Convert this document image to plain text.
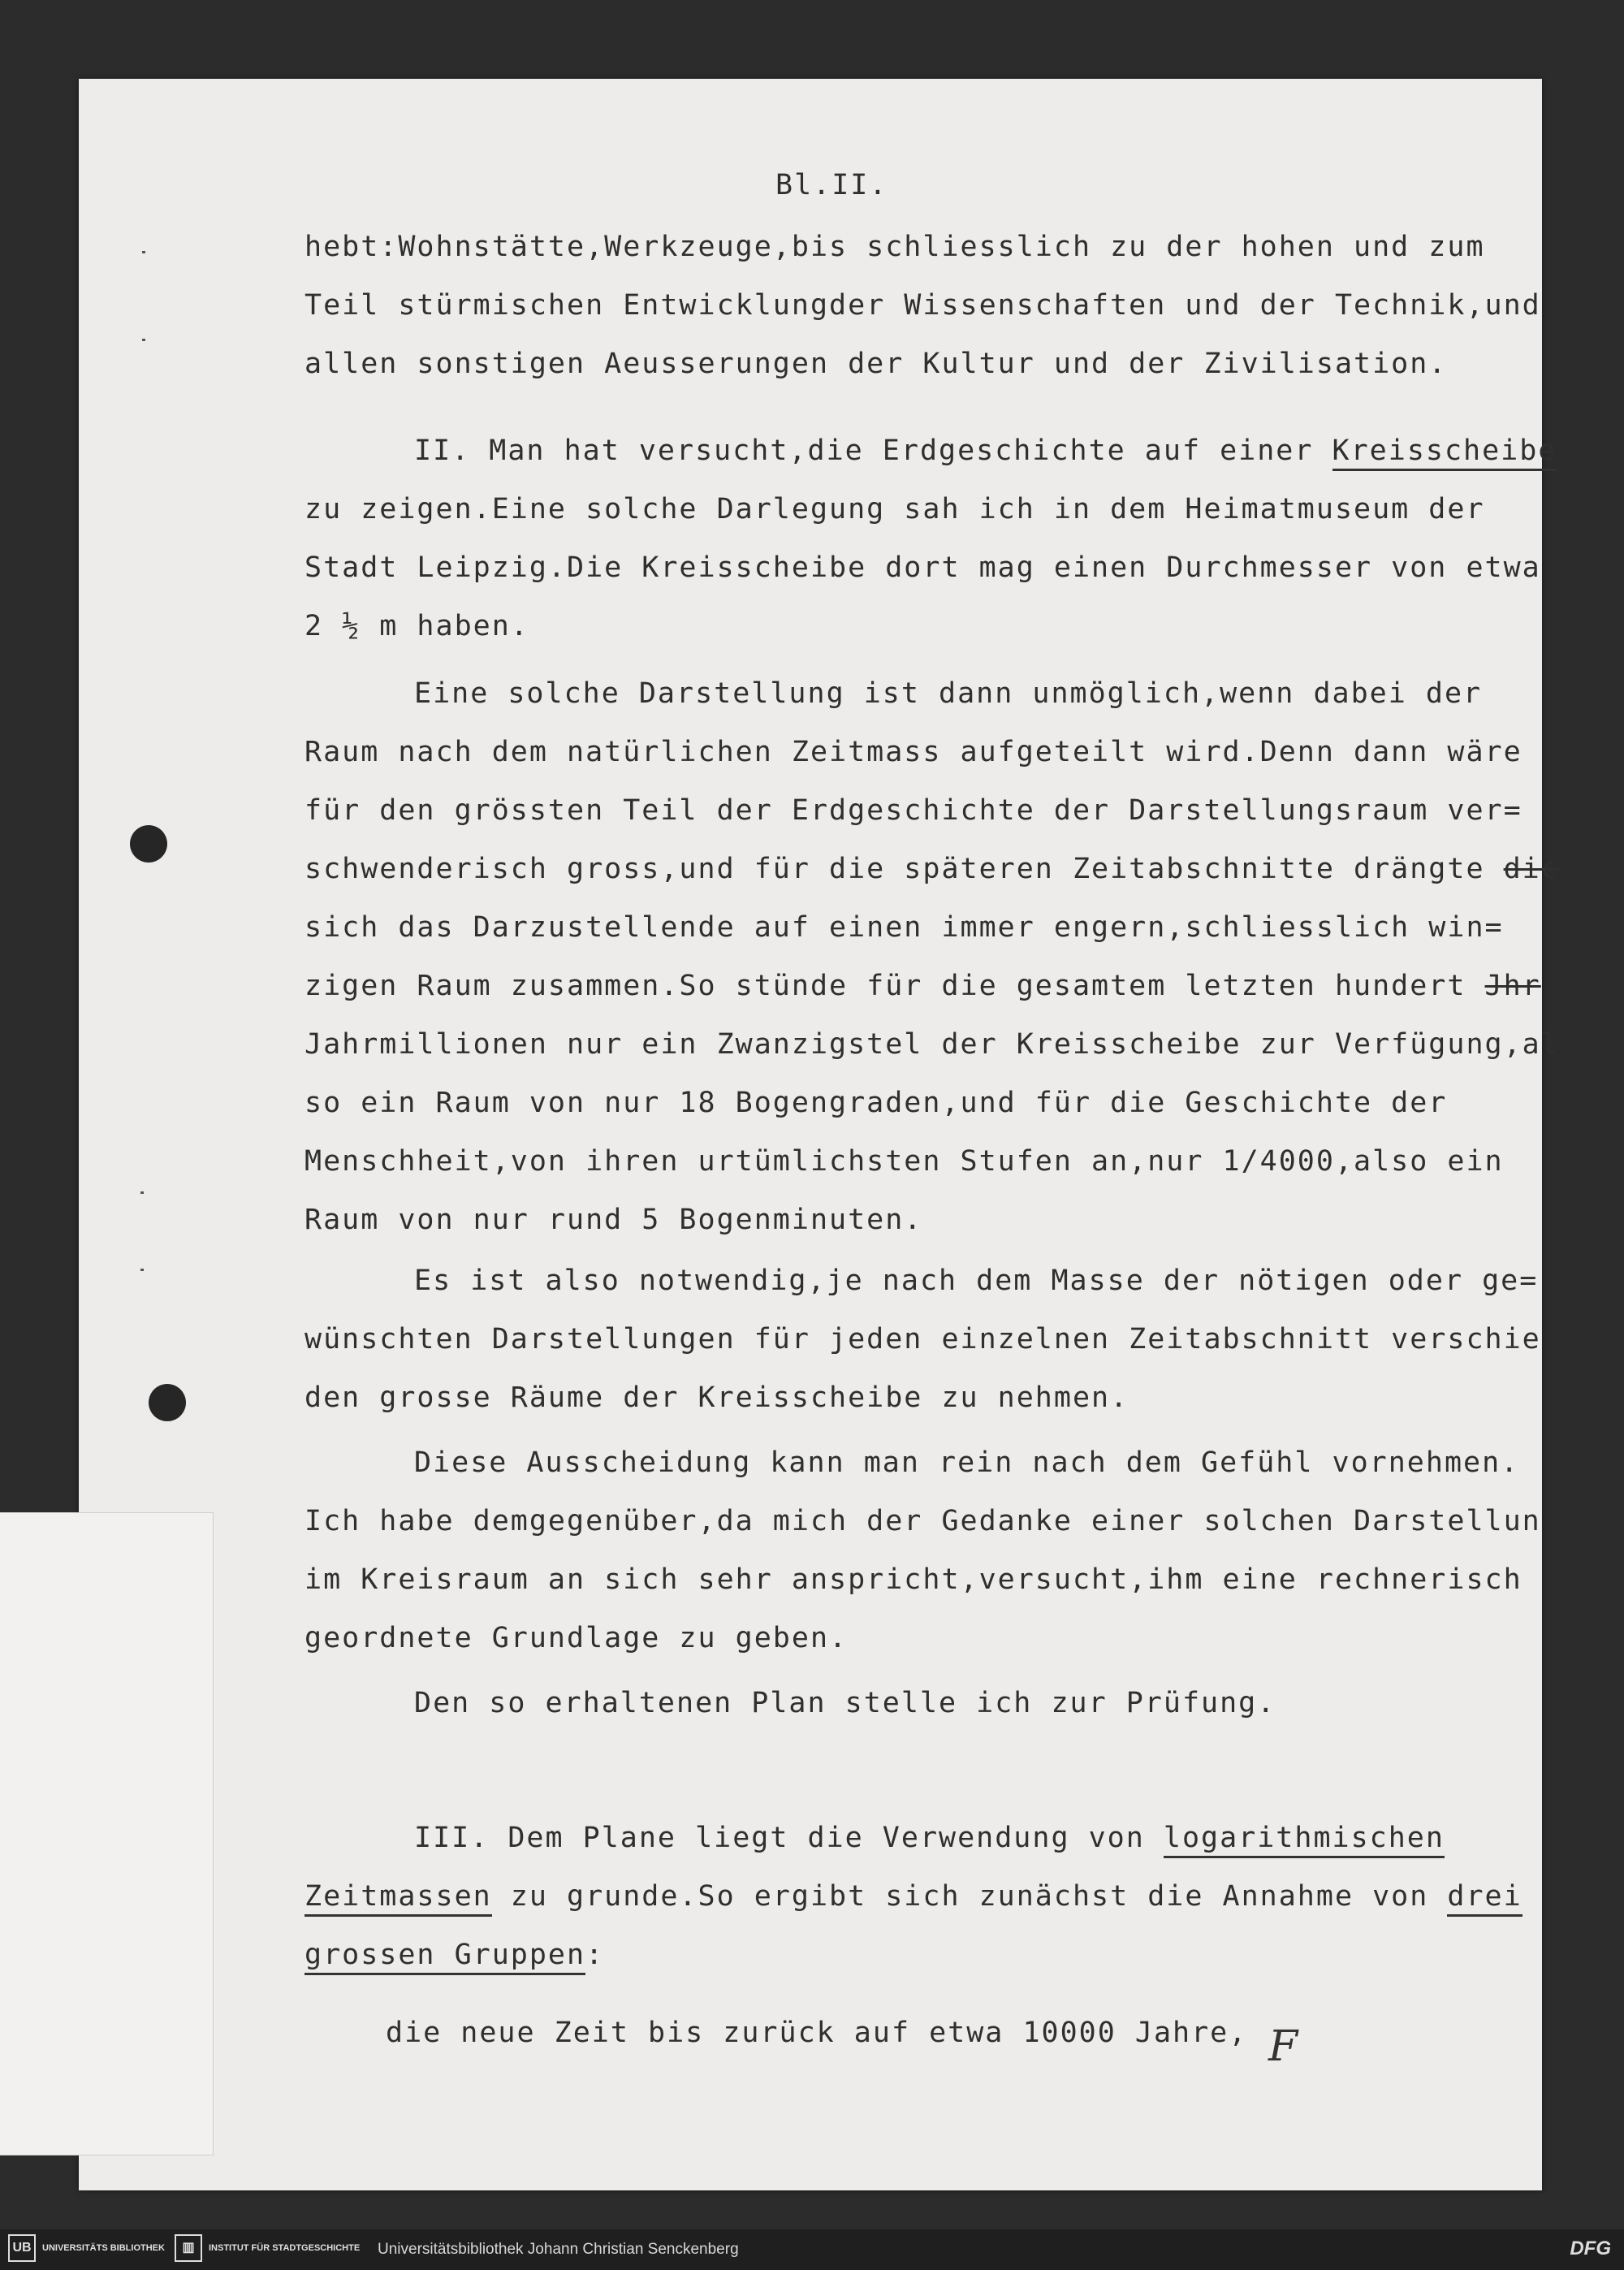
Bl.II.
hebt:Wohnstätte,Werkzeuge,bis schliesslich zu der hohen und zum
Teil stürmischen Entwicklungder Wissenschaften und der Technik,und
allen sonstigen Aeusserungen der Kultur und der Zivilisation.
II. Man hat versucht,die Erdgeschichte auf einer Kreisscheibe
zu zeigen.Eine solche Darlegung sah ich in dem Heimatmuseum der
Stadt Leipzig.Die Kreisscheibe dort mag einen Durchmesser von etwa
2 ½ m haben.
Eine solche Darstellung ist dann unmöglich,wenn dabei der
Raum nach dem natürlichen Zeitmass aufgeteilt wird.Denn dann wäre
für den grössten Teil der Erdgeschichte der Darstellungsraum ver=
schwenderisch gross,und für die späteren Zeitabschnitte drängte dic
sich das Darzustellende auf einen immer engern,schliesslich win=
zigen Raum zusammen.So stünde für die gesamtem letzten hundert Jhr
Jahrmillionen nur ein Zwanzigstel der Kreisscheibe zur Verfügung,al
so ein Raum von nur 18 Bogengraden,und für die Geschichte der
Menschheit,von ihren urtümlichsten Stufen an,nur 1/4000,also ein
Raum von nur rund 5 Bogenminuten.
Es ist also notwendig,je nach dem Masse der nötigen oder ge=
wünschten Darstellungen für jeden einzelnen Zeitabschnitt verschie
den grosse Räume der Kreisscheibe zu nehmen.
Diese Ausscheidung kann man rein nach dem Gefühl vornehmen.
Ich habe demgegenüber,da mich der Gedanke einer solchen Darstellun
im Kreisraum an sich sehr anspricht,versucht,ihm eine rechnerisch
geordnete Grundlage zu geben.
Den so erhaltenen Plan stelle ich zur Prüfung.
III. Dem Plane liegt die Verwendung von logarithmischen
Zeitmassen zu grunde.So ergibt sich zunächst die Annahme von drei
grossen Gruppen:
die neue Zeit bis zurück auf etwa 10000 Jahre, F
UB	UNIVERSITÄTS BIBLIOTHEK	▥	INSTITUT FÜR STADTGESCHICHTE Universitätsbibliothek Johann Christian Senckenberg	DFG
